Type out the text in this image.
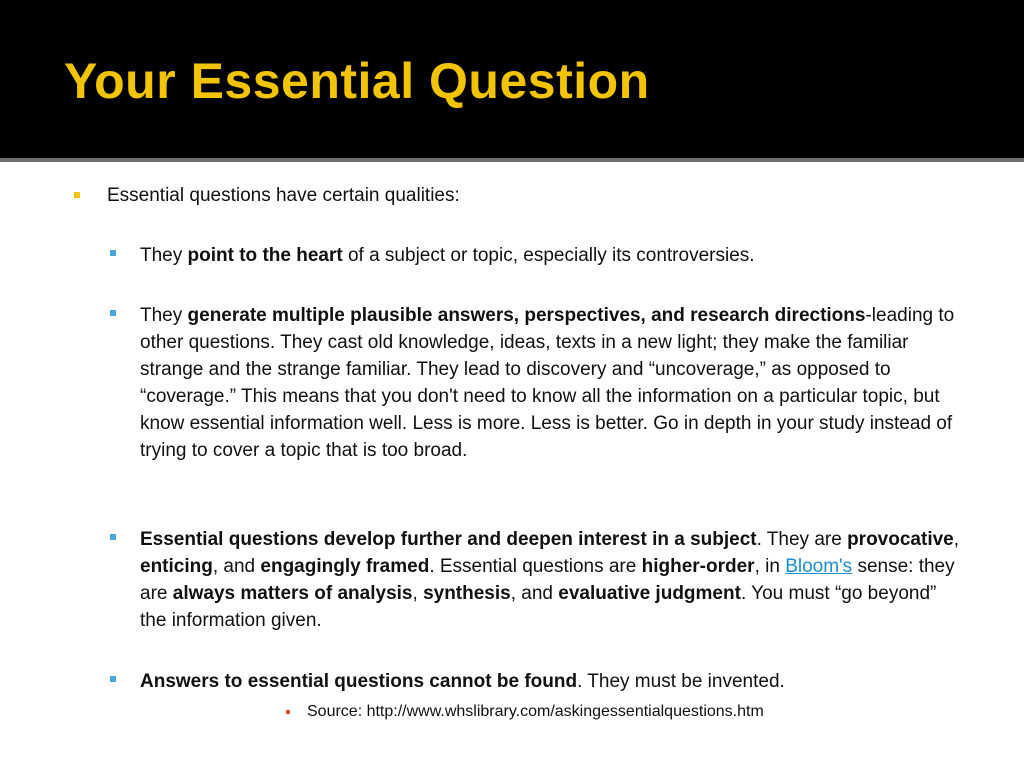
Your Essential Question
Essential questions have certain qualities:
They point to the heart of a subject or topic, especially its controversies.
They generate multiple plausible answers, perspectives, and research directions-leading to other questions. They cast old knowledge, ideas, texts in a new light; they make the familiar strange and the strange familiar. They lead to discovery and “uncoverage,” as opposed to “coverage.” This means that you don't need to know all the information on a particular topic, but know essential information well. Less is more. Less is better. Go in depth in your study instead of trying to cover a topic that is too broad.
Essential questions develop further and deepen interest in a subject. They are provocative, enticing, and engagingly framed. Essential questions are higher-order, in Bloom's sense: they are always matters of analysis, synthesis, and evaluative judgment. You must “go beyond” the information given.
Answers to essential questions cannot be found. They must be invented.
Source: http://www.whslibrary.com/askingessentialquestions.htm
